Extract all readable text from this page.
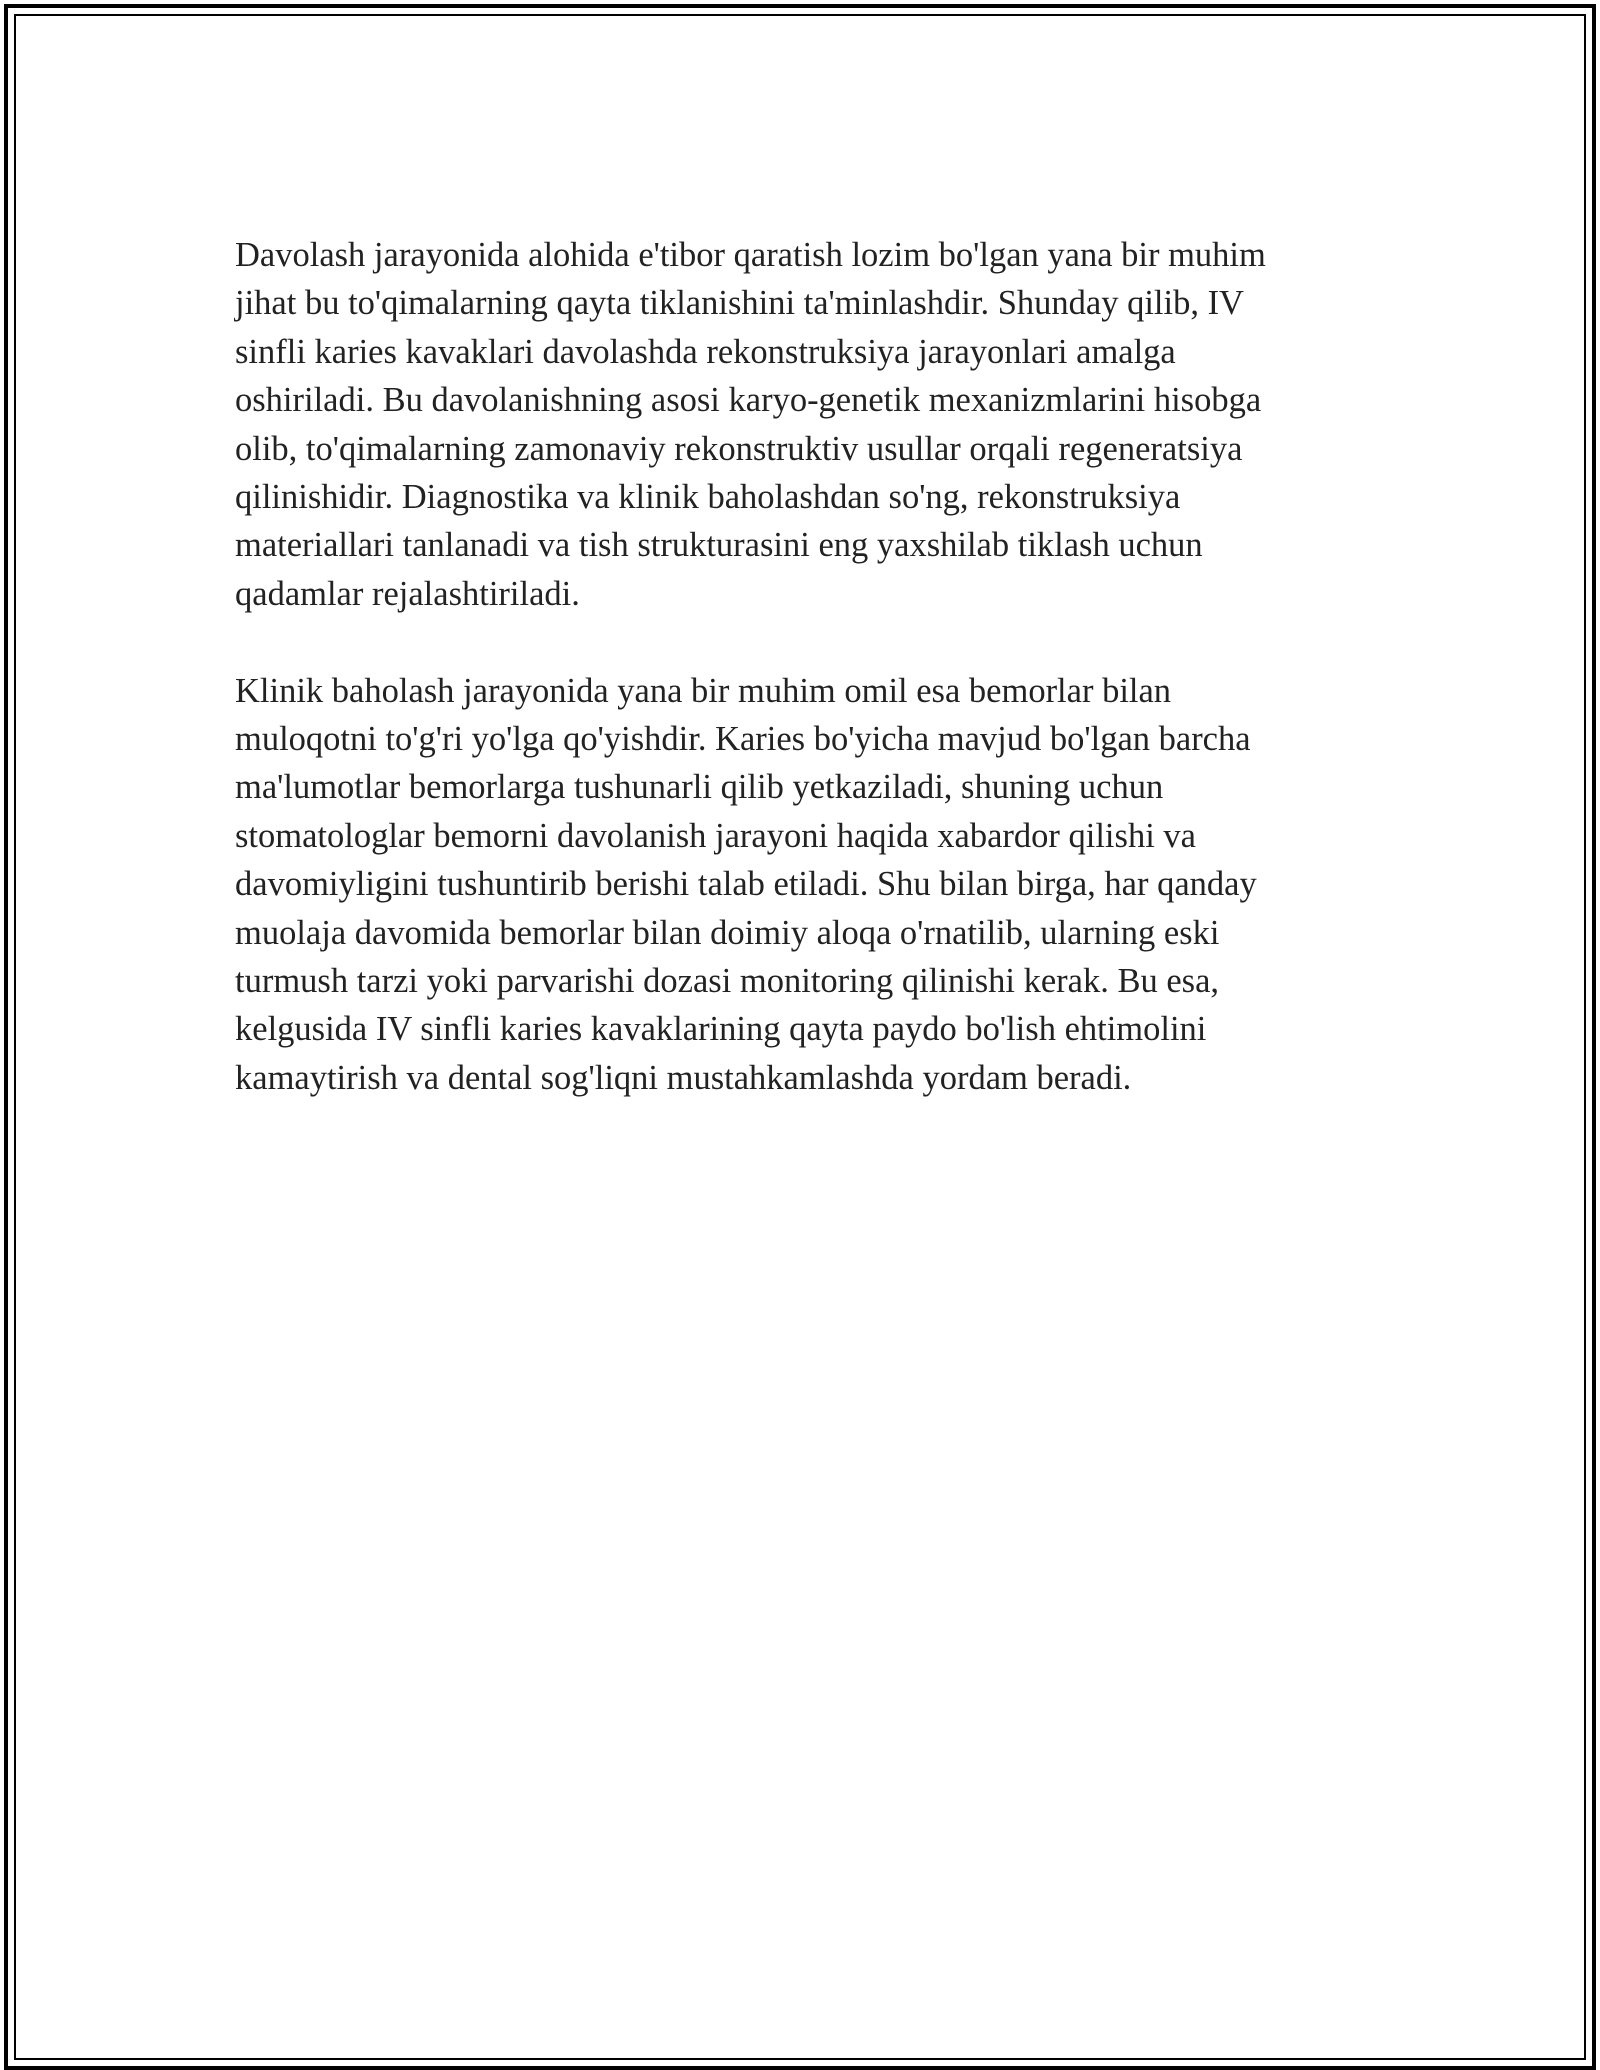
Davolash jarayonida alohida e'tibor qaratish lozim bo'lgan yana bir muhim
jihat bu to'qimalarning qayta tiklanishini ta'minlashdir. Shunday qilib, IV
sinfli karies kavaklari davolashda rekonstruksiya jarayonlari amalga
oshiriladi. Bu davolanishning asosi karyo-genetik mexanizmlarini hisobga
olib, to'qimalarning zamonaviy rekonstruktiv usullar orqali regeneratsiya
qilinishidir. Diagnostika va klinik baholashdan so'ng, rekonstruksiya
materiallari tanlanadi va tish strukturasini eng yaxshilab tiklash uchun
qadamlar rejalashtiriladi.

Klinik baholash jarayonida yana bir muhim omil esa bemorlar bilan
muloqotni to'g'ri yo'lga qo'yishdir. Karies bo'yicha mavjud bo'lgan barcha
ma'lumotlar bemorlarga tushunarli qilib yetkaziladi, shuning uchun
stomatologlar bemorni davolanish jarayoni haqida xabardor qilishi va
davomiyligini tushuntirib berishi talab etiladi. Shu bilan birga, har qanday
muolaja davomida bemorlar bilan doimiy aloqa o'rnatilib, ularning eski
turmush tarzi yoki parvarishi dozasi monitoring qilinishi kerak. Bu esa,
kelgusida IV sinfli karies kavaklarining qayta paydo bo'lish ehtimolini
kamaytirish va dental sog'liqni mustahkamlashda yordam beradi.
